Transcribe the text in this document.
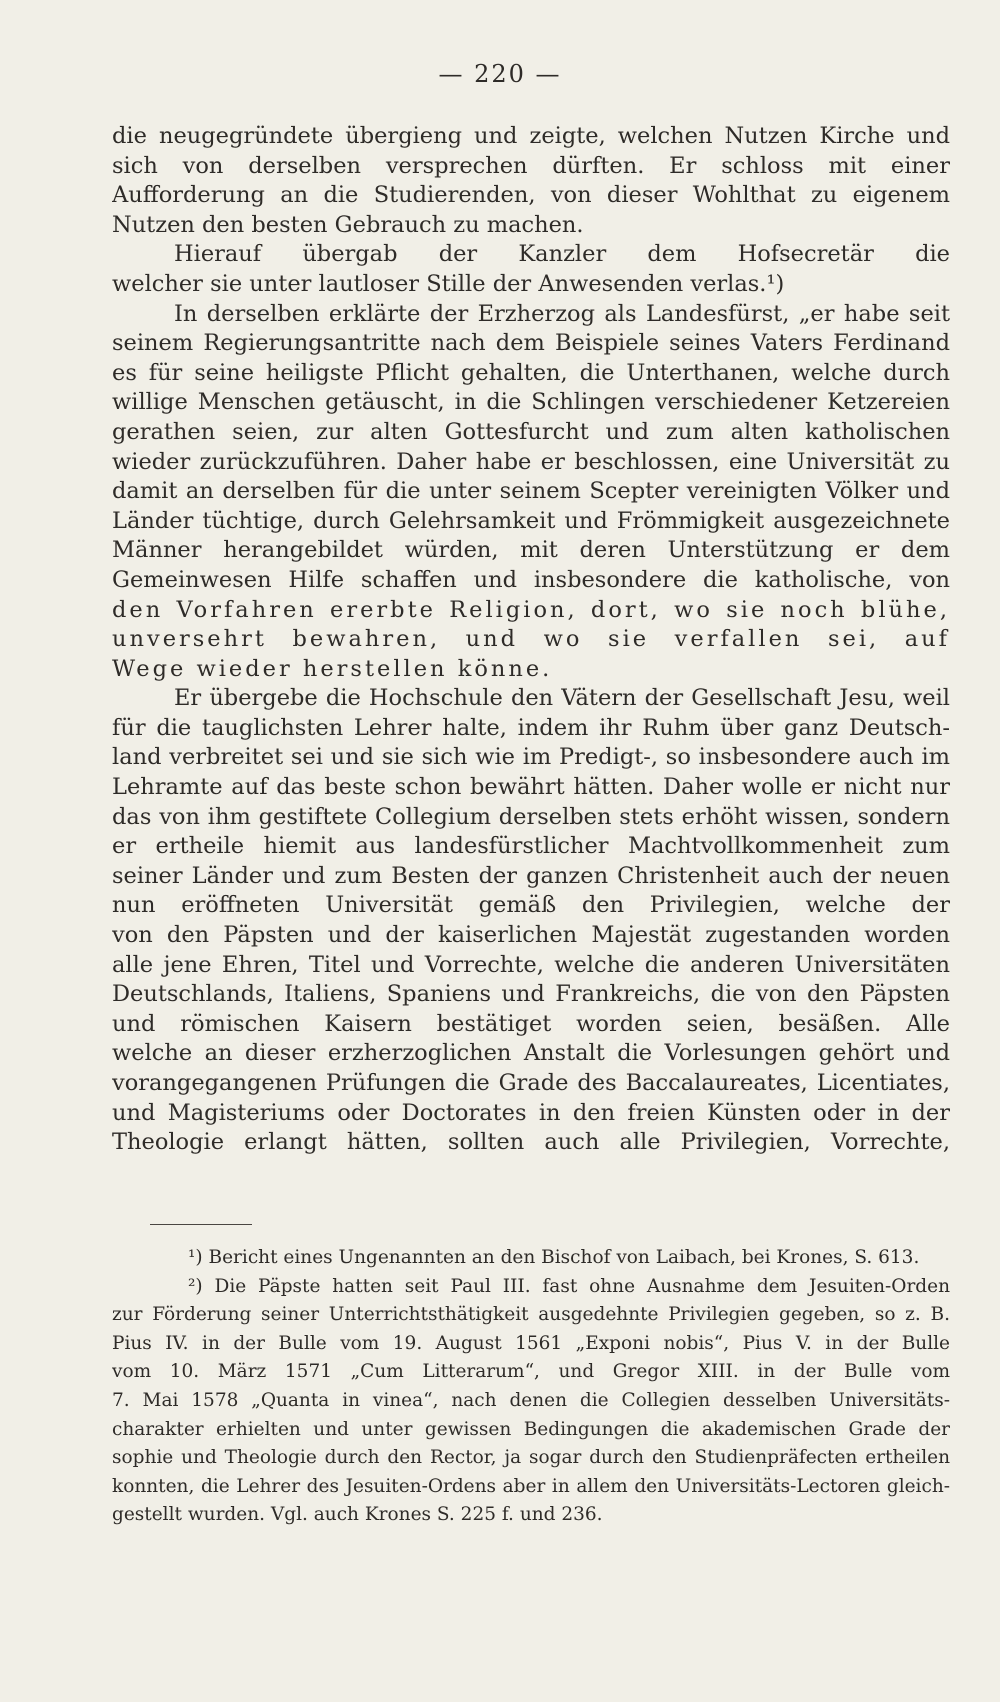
— 220 —
die neugegründete übergieng und zeigte, welchen Nutzen Kirche und
sich von derselben versprechen dürften. Er schloss mit einer
Aufforderung an die Studierenden, von dieser Wohlthat zu eigenem
Nutzen den besten Gebrauch zu machen.
Hierauf übergab der Kanzler dem Hofsecretär die
welcher sie unter lautloser Stille der Anwesenden verlas.¹)
In derselben erklärte der Erzherzog als Landesfürst, „er habe seit
seinem Regierungsantritte nach dem Beispiele seines Vaters Ferdinand
es für seine heiligste Pflicht gehalten, die Unterthanen, welche durch
willige Menschen getäuscht, in die Schlingen verschiedener Ketzereien
gerathen seien, zur alten Gottesfurcht und zum alten katholischen
wieder zurückzuführen. Daher habe er beschlossen, eine Universität zu
damit an derselben für die unter seinem Scepter vereinigten Völker und
Länder tüchtige, durch Gelehrsamkeit und Frömmigkeit ausgezeichnete
Männer herangebildet würden, mit deren Unterstützung er dem
Gemeinwesen Hilfe schaffen und insbesondere die katholische, von
den Vorfahren ererbte Religion, dort, wo sie noch blühe,
unversehrt bewahren, und wo sie verfallen sei, auf
Wege wieder herstellen könne.
Er übergebe die Hochschule den Vätern der Gesellschaft Jesu, weil
für die tauglichsten Lehrer halte, indem ihr Ruhm über ganz Deutsch-
land verbreitet sei und sie sich wie im Predigt-, so insbesondere auch im
Lehramte auf das beste schon bewährt hätten. Daher wolle er nicht nur
das von ihm gestiftete Collegium derselben stets erhöht wissen, sondern
er ertheile hiemit aus landesfürstlicher Machtvollkommenheit zum
seiner Länder und zum Besten der ganzen Christenheit auch der neuen
nun eröffneten Universität gemäß den Privilegien, welche der
von den Päpsten und der kaiserlichen Majestät zugestanden worden
alle jene Ehren, Titel und Vorrechte, welche die anderen Universitäten
Deutschlands, Italiens, Spaniens und Frankreichs, die von den Päpsten
und römischen Kaisern bestätiget worden seien, besäßen. Alle
welche an dieser erzherzoglichen Anstalt die Vorlesungen gehört und
vorangegangenen Prüfungen die Grade des Baccalaureates, Licentiates,
und Magisteriums oder Doctorates in den freien Künsten oder in der
Theologie erlangt hätten, sollten auch alle Privilegien, Vorrechte,
¹) Bericht eines Ungenannten an den Bischof von Laibach, bei Krones, S. 613.
²) Die Päpste hatten seit Paul III. fast ohne Ausnahme dem Jesuiten-Orden
zur Förderung seiner Unterrichtsthätigkeit ausgedehnte Privilegien gegeben, so z. B.
Pius IV. in der Bulle vom 19. August 1561 „Exponi nobis“, Pius V. in der Bulle
vom 10. März 1571 „Cum Litterarum“, und Gregor XIII. in der Bulle vom
7. Mai 1578 „Quanta in vinea“, nach denen die Collegien desselben Universitäts-
charakter erhielten und unter gewissen Bedingungen die akademischen Grade der
sophie und Theologie durch den Rector, ja sogar durch den Studienpräfecten ertheilen
konnten, die Lehrer des Jesuiten-Ordens aber in allem den Universitäts-Lectoren gleich-
gestellt wurden. Vgl. auch Krones S. 225 f. und 236.
